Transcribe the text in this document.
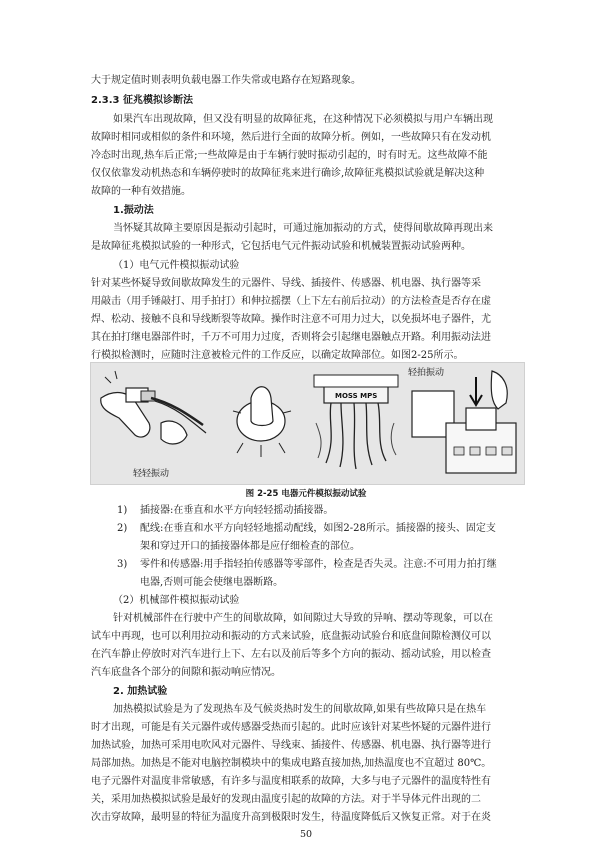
大于规定值时则表明负载电器工作失常或电路存在短路现象。
2.3.3 征兆模拟诊断法
如果汽车出现故障，但又没有明显的故障征兆，在这种情况下必须模拟与用户车辆出现
故障时相同或相似的条件和环境，然后进行全面的故障分析。例如，一些故障只有在发动机
冷态时出现,热车后正常;一些故障是由于车辆行驶时振动引起的，时有时无。这些故障不能
仅仅依靠发动机热态和车辆停驶时的故障征兆来进行确诊,故障征兆模拟试验就是解决这种
故障的一种有效措施。
1.振动法
当怀疑其故障主要原因是振动引起时，可通过施加振动的方式，使得间歇故障再现出来
是故障征兆模拟试验的一种形式，它包括电气元件振动试验和机械装置振动试验两种。
（1）电气元件模拟振动试验
针对某些怀疑导致间歇故障发生的元器件、导线、插接件、传感器、机电器、执行器等采
用敲击（用手锤敲打、用手拍打）和伸拉摇摆（上下左右前后拉动）的方法检查是否存在虚
焊、松动、接触不良和导线断裂等故障。操作时注意不可用力过大，以免损坏电子器件，尤
其在拍打继电器部件时，千万不可用力过度，否则将会引起继电器触点开路。利用振动法进
行模拟检测时，应随时注意被检元件的工作反应，以确定故障部位。如图2-25所示。
轻轻振动
MOSS MPS
轻拍振动
图 2-25 电器元件模拟振动试验
1) 插接器:在垂直和水平方向轻轻摇动插接器。
2) 配线:在垂直和水平方向轻轻地摇动配线，如图2-28所示。插接器的接头、固定支
架和穿过开口的插接器体都是应仔细检查的部位。
3) 零件和传感器:用手指轻拍传感器等零部件，检查是否失灵。注意:不可用力拍打继
电器,否则可能会使继电器断路。
（2）机械部件模拟振动试验
针对机械部件在行驶中产生的间歇故障，如间隙过大导致的异响、摆动等现象，可以在
试车中再现，也可以利用拉动和振动的方式来试验，底盘振动试验台和底盘间隙检测仪可以
在汽车静止停放时对汽车进行上下、左右以及前后等多个方向的振动、摇动试验，用以检查
汽车底盘各个部分的间隙和振动响应情况。
2. 加热试验
加热模拟试验是为了发现热车及气候炎热时发生的间歇故障,如果有些故障只是在热车
时才出现，可能是有关元器件或传感器受热而引起的。此时应该针对某些怀疑的元器件进行
加热试验，加热可采用电吹风对元器件、导线束、插接件、传感器、机电器、执行器等进行
局部加热。加热是不能对电脑控制模块中的集成电路直接加热,加热温度也不宜超过 80℃。
电子元器件对温度非常敏感，有许多与温度相联系的故障，大多与电子元器件的温度特性有
关，采用加热模拟试验是最好的发现由温度引起的故障的方法。对于半导体元件出现的二
次击穿故障，最明显的特征为温度升高到极限时发生，待温度降低后又恢复正常。对于在炎
50
